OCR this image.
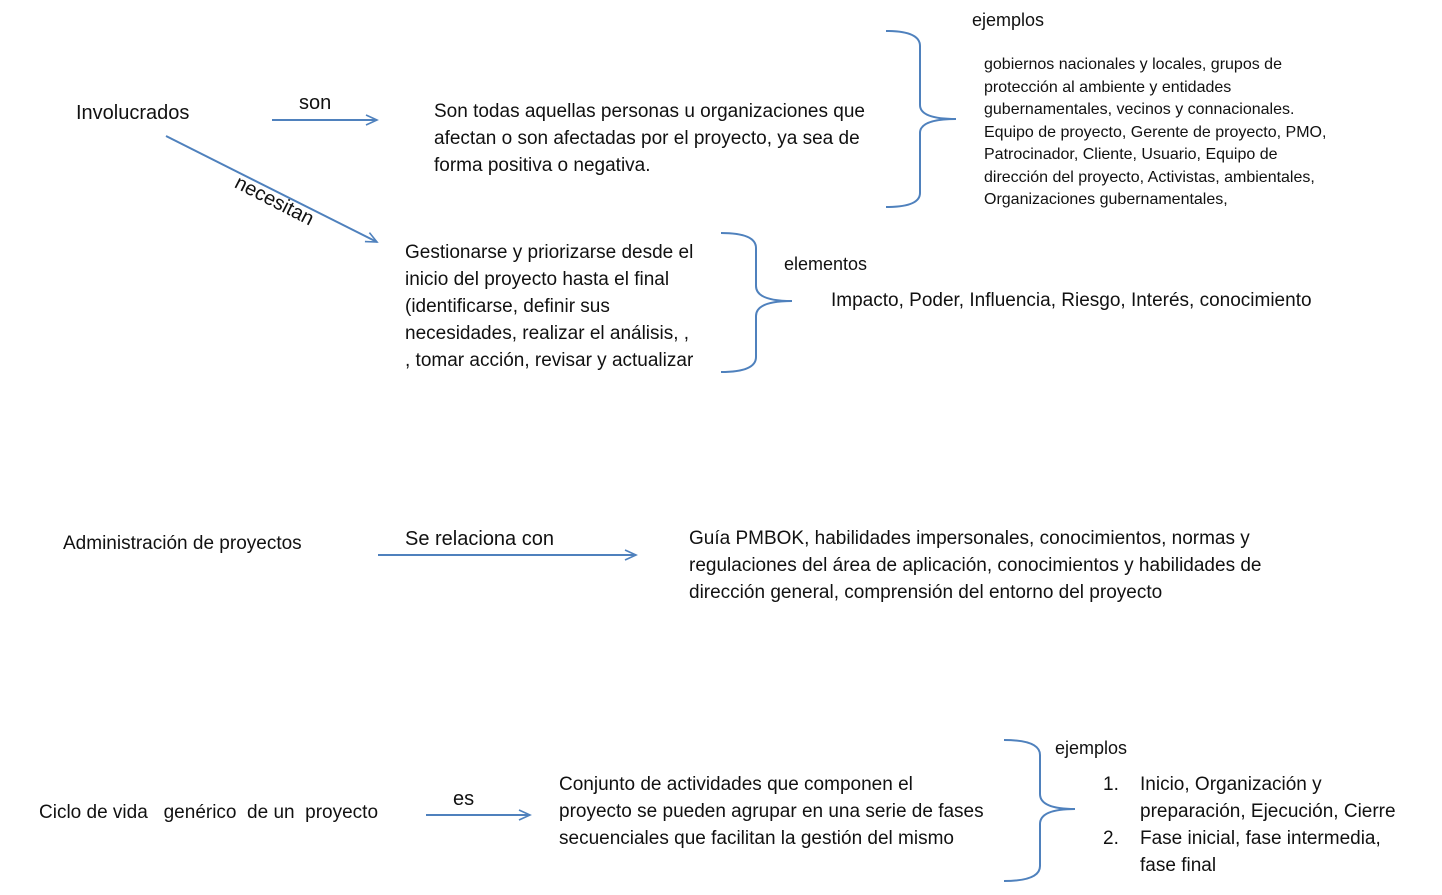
Involucrados	son
necesitan
Son todas aquellas personas u organizaciones que
afectan o son afectadas por el proyecto, ya sea de
forma positiva o negativa.
ejemplos
gobiernos nacionales y locales, grupos de
protección al ambiente y entidades
gubernamentales, vecinos y connacionales.
Equipo de proyecto, Gerente de proyecto, PMO,
Patrocinador, Cliente, Usuario, Equipo de
dirección del proyecto, Activistas, ambientales,
Organizaciones gubernamentales,
Gestionarse y priorizarse desde el
inicio del proyecto hasta el final
(identificarse, definir sus
necesidades, realizar el análisis, ,
, tomar acción, revisar y actualizar
elementos
Impacto, Poder, Influencia, Riesgo, Interés, conocimiento
Administración de proyectos	Se relaciona con	Guía PMBOK, habilidades impersonales, conocimientos, normas y
regulaciones del área de aplicación, conocimientos y habilidades de
dirección general, comprensión del entorno del proyecto
Ciclo de vida   genérico  de un  proyecto
es
Conjunto de actividades que componen el
proyecto se pueden agrupar en una serie de fases
secuenciales que facilitan la gestión del mismo
ejemplos
1. Inicio, Organización y
preparación, Ejecución, Cierre
2. Fase inicial, fase intermedia,
fase final
